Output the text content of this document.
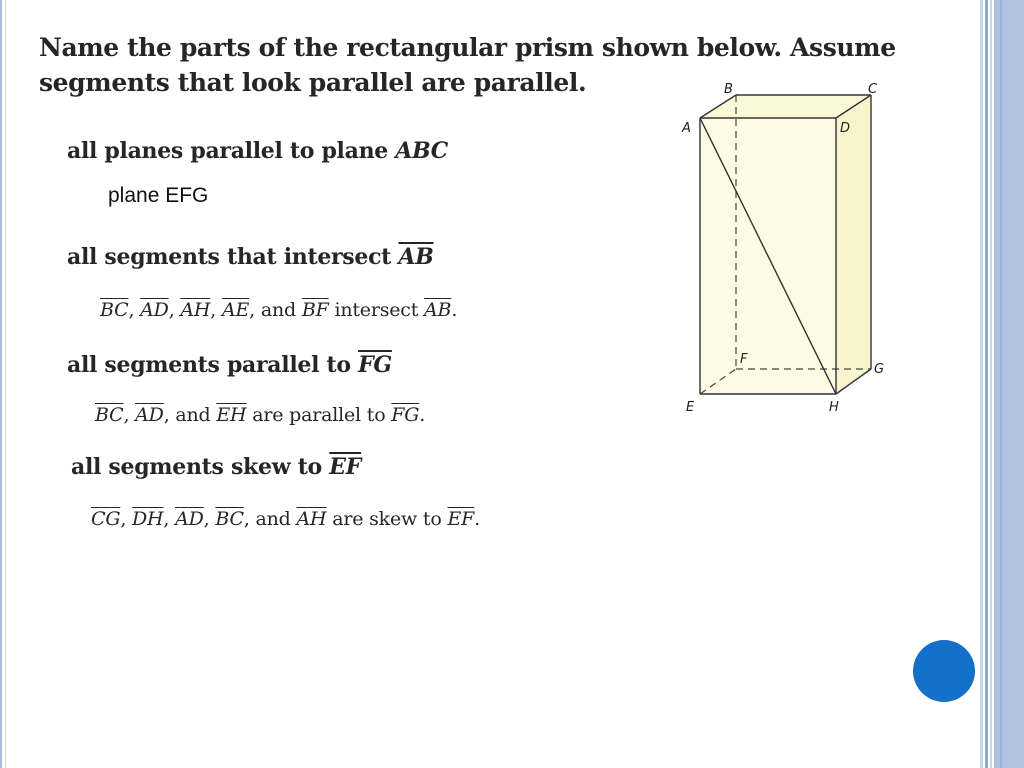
Name the parts of the rectangular prism shown below. Assume
segments that look parallel are parallel.
all planes parallel to plane ABC
plane EFG
all segments that intersect $\overline{AB}$
$\overline{BC}$, $\overline{AD}$, $\overline{AH}$, $\overline{AE}$, and $\overline{BF}$ intersect $\overline{AB}$.
all segments parallel to $\overline{FG}$
$\overline{BC}$, $\overline{AD}$, and $\overline{EH}$ are parallel to $\overline{FG}$.
all segments skew to $\overline{EF}$
$\overline{CG}$, $\overline{DH}$, $\overline{AD}$, $\overline{BC}$, and $\overline{AH}$ are skew to $\overline{EF}$.
A
B	C
D
E
F
G
H
